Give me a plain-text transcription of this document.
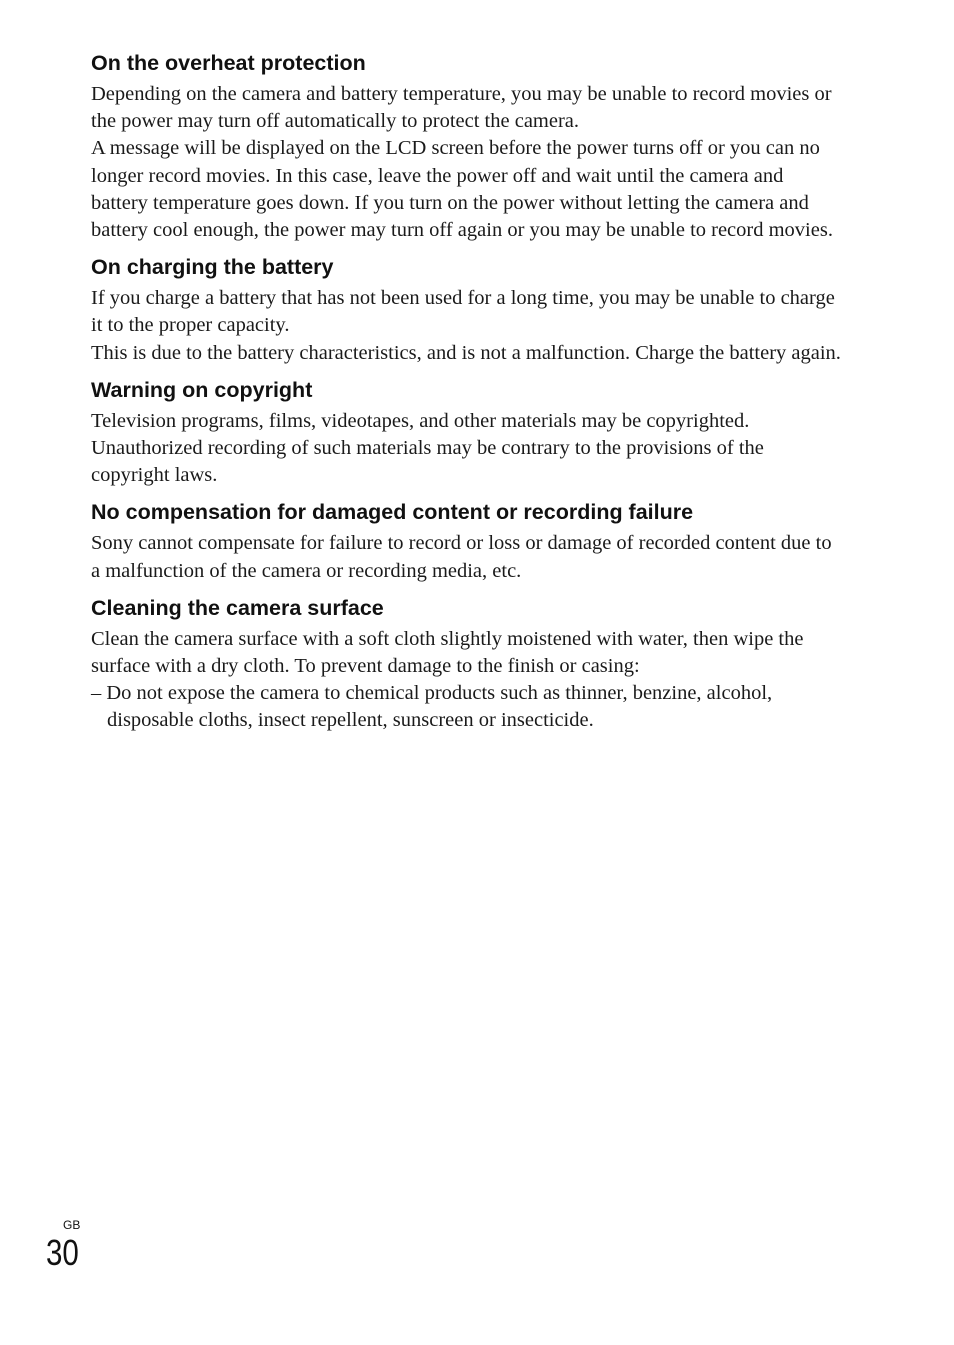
On the overheat protection

Depending on the camera and battery temperature, you may be unable to record movies or the power may turn off automatically to protect the camera.

A message will be displayed on the LCD screen before the power turns off or you can no longer record movies. In this case, leave the power off and wait until the camera and battery temperature goes down. If you turn on the power without letting the camera and battery cool enough, the power may turn off again or you may be unable to record movies.

On charging the battery

If you charge a battery that has not been used for a long time, you may be unable to charge it to the proper capacity.

This is due to the battery characteristics, and is not a malfunction. Charge the battery again.

Warning on copyright

Television programs, films, videotapes, and other materials may be copyrighted. Unauthorized recording of such materials may be contrary to the provisions of the copyright laws.

No compensation for damaged content or recording failure

Sony cannot compensate for failure to record or loss or damage of recorded content due to a malfunction of the camera or recording media, etc.

Cleaning the camera surface

Clean the camera surface with a soft cloth slightly moistened with water, then wipe the surface with a dry cloth. To prevent damage to the finish or casing:

– Do not expose the camera to chemical products such as thinner, benzine, alcohol, disposable cloths, insect repellent, sunscreen or insecticide.

GB
30
